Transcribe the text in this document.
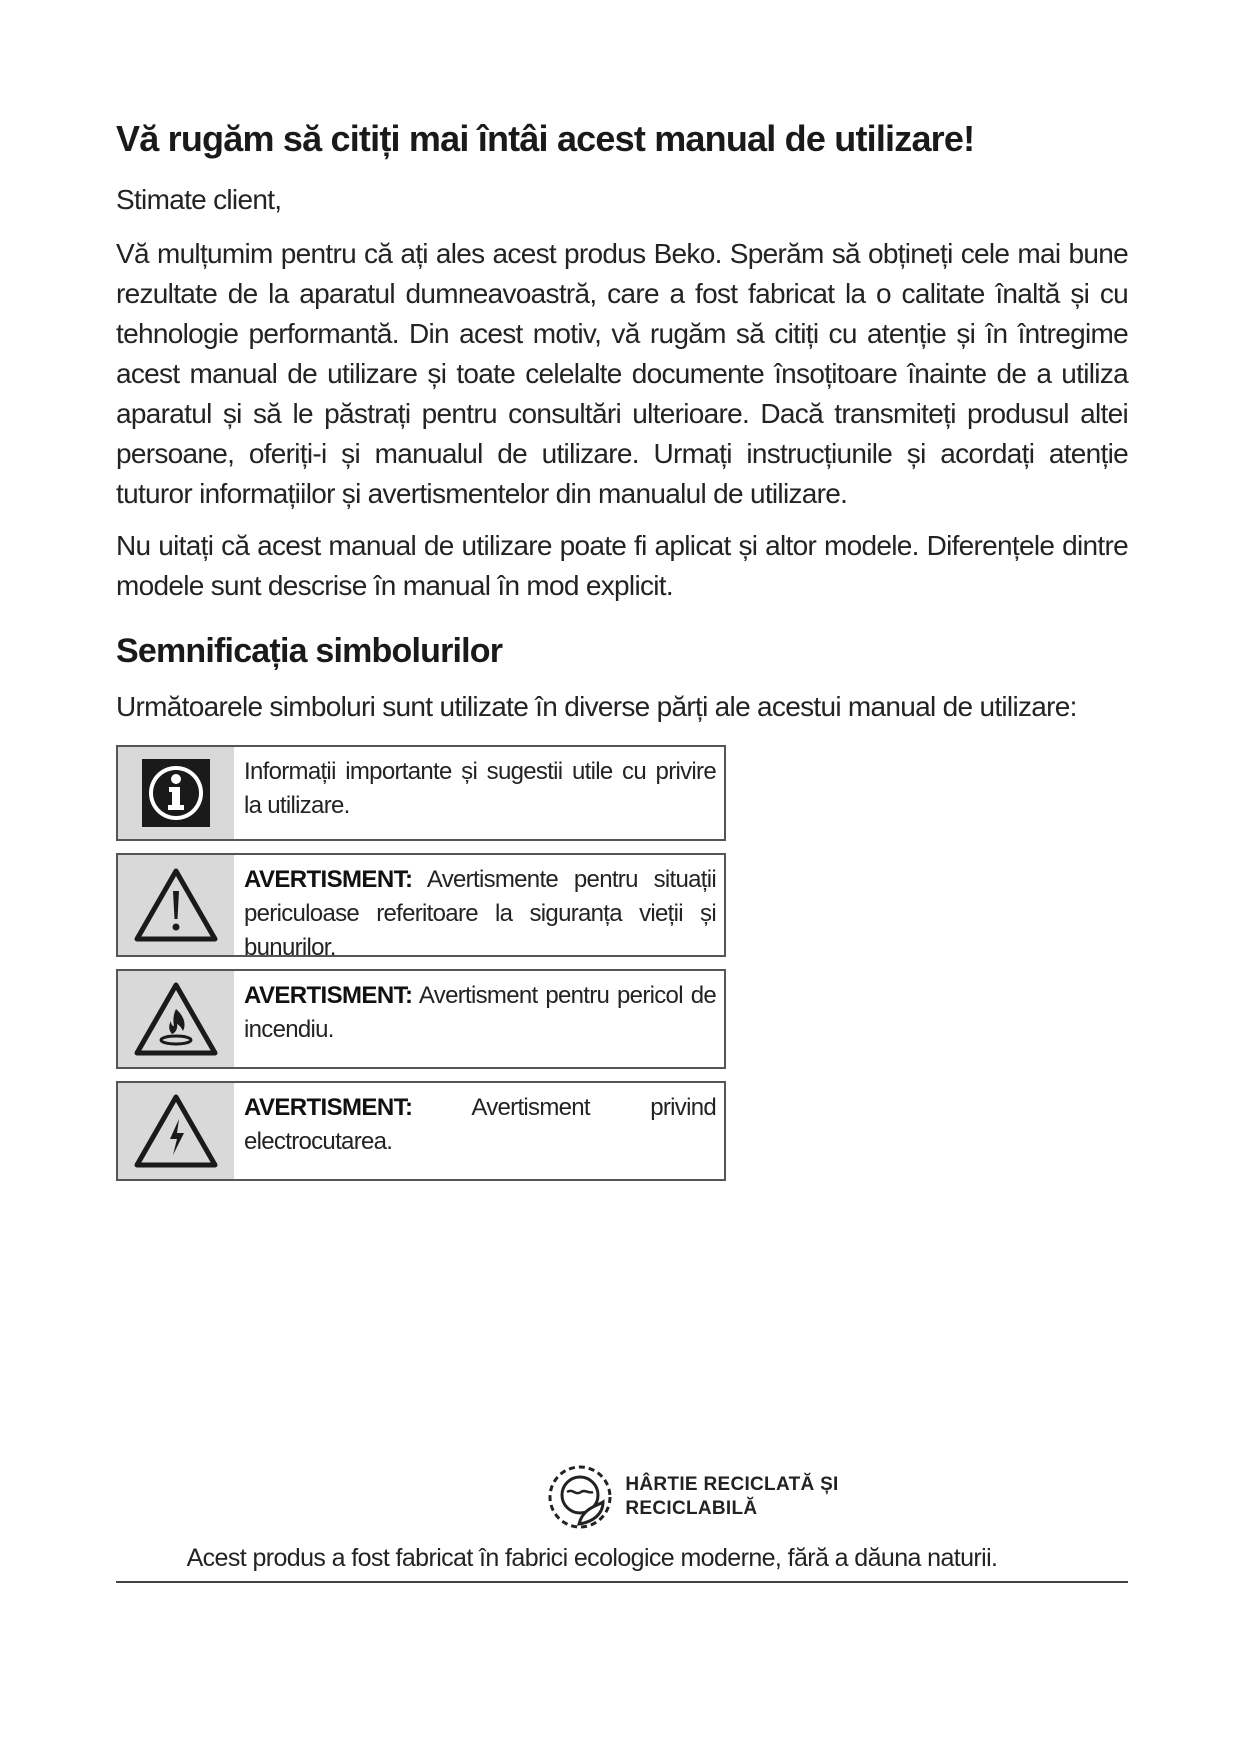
Vă rugăm să citiți mai întâi acest manual de utilizare!

Stimate client,

Vă mulțumim pentru că ați ales acest produs Beko. Sperăm să obțineți cele mai bune rezultate de la aparatul dumneavoastră, care a fost fabricat la o calitate înaltă și cu tehnologie performantă. Din acest motiv, vă rugăm să citiți cu atenție și în întregime acest manual de utilizare și toate celelalte documente însoțitoare înainte de a utiliza aparatul și să le păstrați pentru consultări ulterioare. Dacă transmiteți produsul altei persoane, oferiți-i și manualul de utilizare. Urmați instrucțiunile și acordați atenție tuturor informațiilor și avertismentelor din manualul de utilizare.

Nu uitați că acest manual de utilizare poate fi aplicat și altor modele. Diferențele dintre modele sunt descrise în manual în mod explicit.

Semnificația simbolurilor

Următoarele simboluri sunt utilizate în diverse părți ale acestui manual de utilizare:

Informații importante și sugestii utile cu privire la utilizare.
AVERTISMENT: Avertismente pentru situații periculoase referitoare la siguranța vieții și bunurilor.
AVERTISMENT: Avertisment pentru pericol de incendiu.
AVERTISMENT: Avertisment privind electrocutarea.
HÂRTIE RECICLATĂ ȘI
RECICLABILĂ
Acest produs a fost fabricat în fabrici ecologice moderne, fără a dăuna naturii.
